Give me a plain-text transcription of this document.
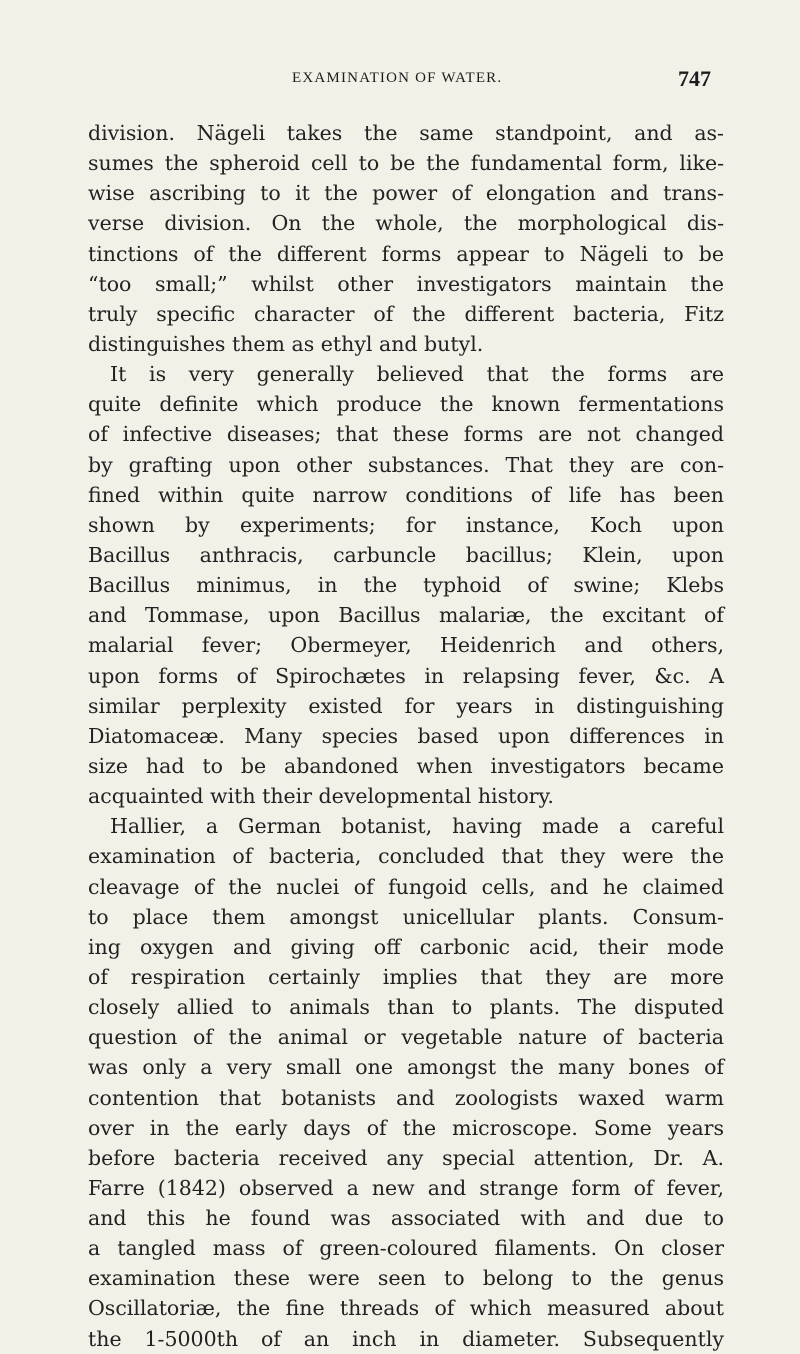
EXAMINATION OF WATER.	747
division. Nägeli takes the same standpoint, and as-
sumes the spheroid cell to be the fundamental form, like-
wise ascribing to it the power of elongation and trans-
verse division. On the whole, the morphological dis-
tinctions of the different forms appear to Nägeli to be
“too small;” whilst other investigators maintain the
truly specific character of the different bacteria, Fitz
distinguishes them as ethyl and butyl.
It is very generally believed that the forms are
quite definite which produce the known fermentations
of infective diseases; that these forms are not changed
by grafting upon other substances. That they are con-
fined within quite narrow conditions of life has been
shown by experiments; for instance, Koch upon
Bacillus anthracis, carbuncle bacillus; Klein, upon
Bacillus minimus, in the typhoid of swine; Klebs
and Tommase, upon Bacillus malariæ, the excitant of
malarial fever; Obermeyer, Heidenrich and others,
upon forms of Spirochætes in relapsing fever, &c. A
similar perplexity existed for years in distinguishing
Diatomaceæ. Many species based upon differences in
size had to be abandoned when investigators became
acquainted with their developmental history.
Hallier, a German botanist, having made a careful
examination of bacteria, concluded that they were the
cleavage of the nuclei of fungoid cells, and he claimed
to place them amongst unicellular plants. Consum-
ing oxygen and giving off carbonic acid, their mode
of respiration certainly implies that they are more
closely allied to animals than to plants. The disputed
question of the animal or vegetable nature of bacteria
was only a very small one amongst the many bones of
contention that botanists and zoologists waxed warm
over in the early days of the microscope. Some years
before bacteria received any special attention, Dr. A.
Farre (1842) observed a new and strange form of fever,
and this he found was associated with and due to
a tangled mass of green-coloured filaments. On closer
examination these were seen to belong to the genus
Oscillatoriæ, the fine threads of which measured about
the 1-5000th of an inch in diameter. Subsequently
